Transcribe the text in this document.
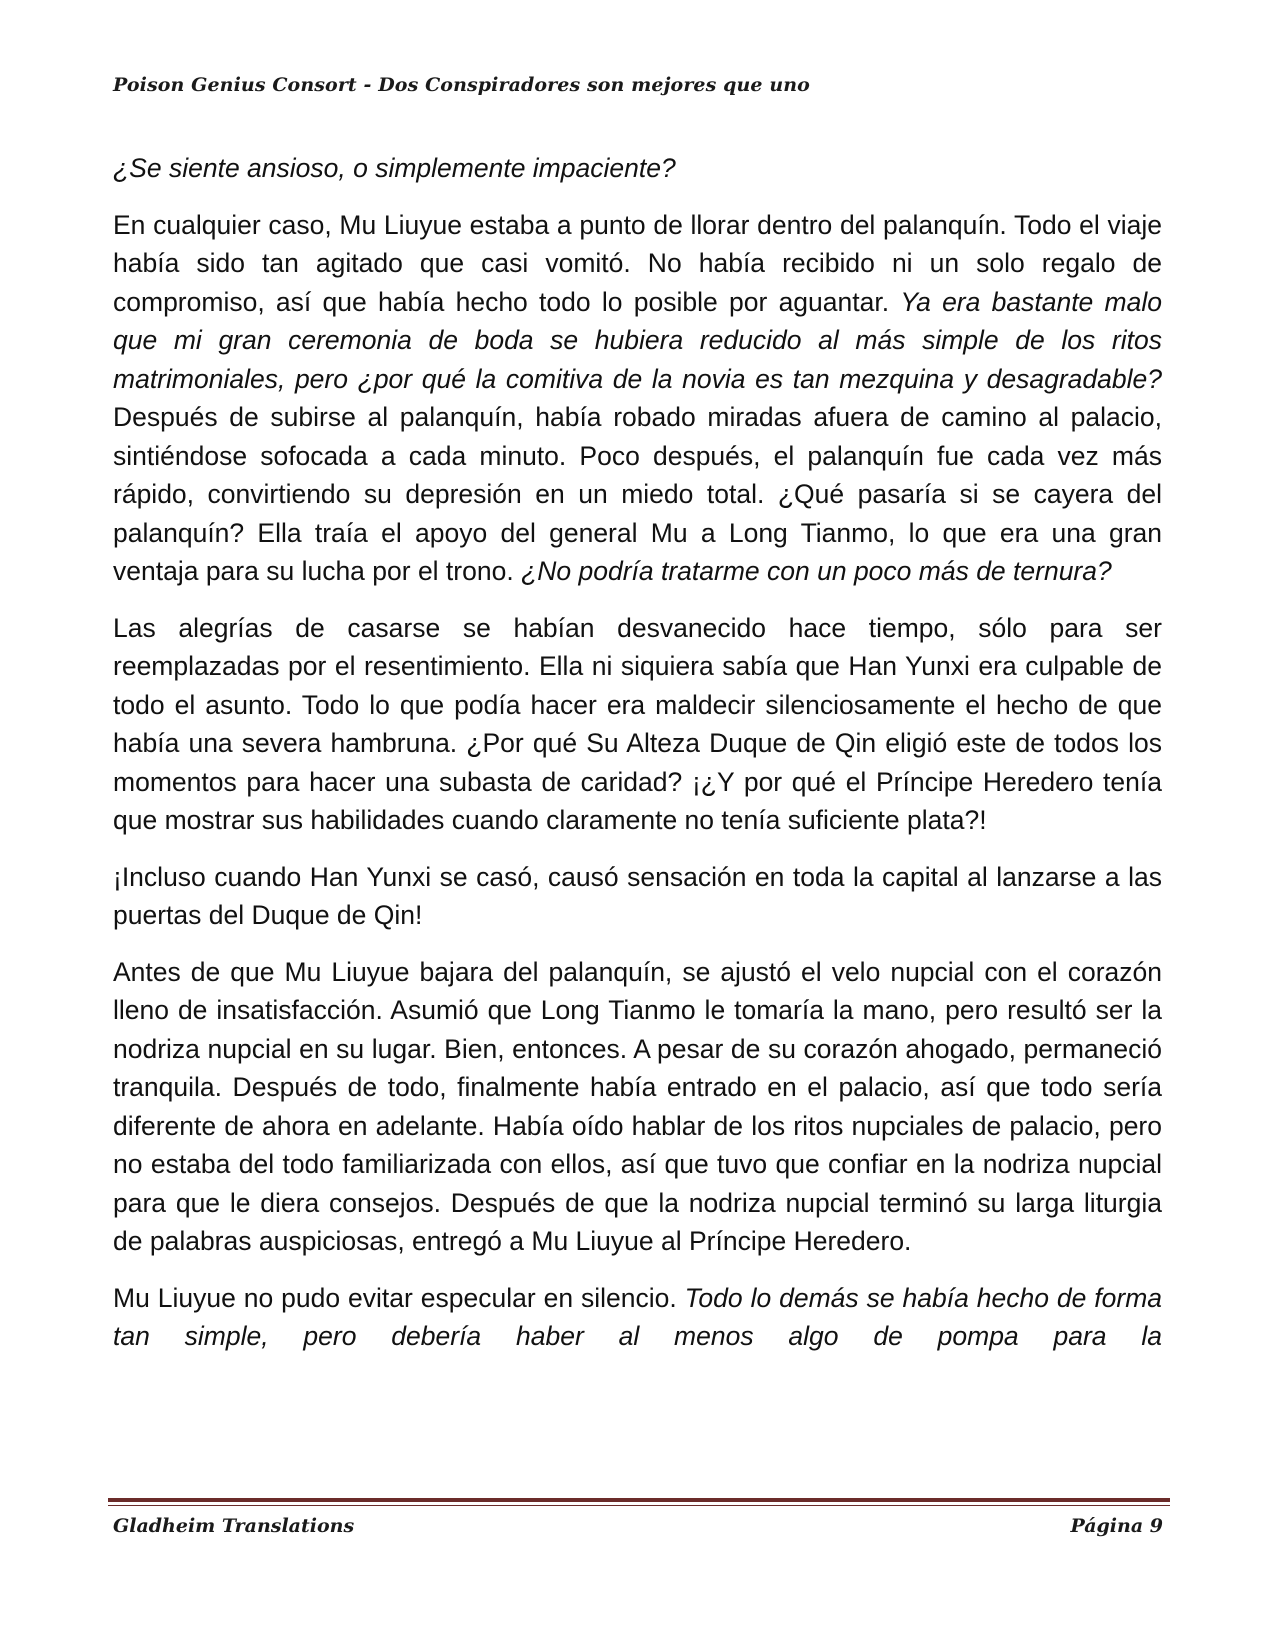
Poison Genius Consort - Dos Conspiradores son mejores que uno

¿Se siente ansioso, o simplemente impaciente?

En cualquier caso, Mu Liuyue estaba a punto de llorar dentro del palanquín. Todo el viaje había sido tan agitado que casi vomitó. No había recibido ni un solo regalo de compromiso, así que había hecho todo lo posible por aguantar. Ya era bastante malo que mi gran ceremonia de boda se hubiera reducido al más simple de los ritos matrimoniales, pero ¿por qué la comitiva de la novia es tan mezquina y desagradable? Después de subirse al palanquín, había robado miradas afuera de camino al palacio, sintiéndose sofocada a cada minuto. Poco después, el palanquín fue cada vez más rápido, convirtiendo su depresión en un miedo total. ¿Qué pasaría si se cayera del palanquín? Ella traía el apoyo del general Mu a Long Tianmo, lo que era una gran ventaja para su lucha por el trono. ¿No podría tratarme con un poco más de ternura?

Las alegrías de casarse se habían desvanecido hace tiempo, sólo para ser reemplazadas por el resentimiento. Ella ni siquiera sabía que Han Yunxi era culpable de todo el asunto. Todo lo que podía hacer era maldecir silenciosamente el hecho de que había una severa hambruna. ¿Por qué Su Alteza Duque de Qin eligió este de todos los momentos para hacer una subasta de caridad? ¡¿Y por qué el Príncipe Heredero tenía que mostrar sus habilidades cuando claramente no tenía suficiente plata?!

¡Incluso cuando Han Yunxi se casó, causó sensación en toda la capital al lanzarse a las puertas del Duque de Qin!

Antes de que Mu Liuyue bajara del palanquín, se ajustó el velo nupcial con el corazón lleno de insatisfacción. Asumió que Long Tianmo le tomaría la mano, pero resultó ser la nodriza nupcial en su lugar. Bien, entonces. A pesar de su corazón ahogado, permaneció tranquila. Después de todo, finalmente había entrado en el palacio, así que todo sería diferente de ahora en adelante. Había oído hablar de los ritos nupciales de palacio, pero no estaba del todo familiarizada con ellos, así que tuvo que confiar en la nodriza nupcial para que le diera consejos. Después de que la nodriza nupcial terminó su larga liturgia de palabras auspiciosas, entregó a Mu Liuyue al Príncipe Heredero.

Mu Liuyue no pudo evitar especular en silencio. Todo lo demás se había hecho de forma tan simple, pero debería haber al menos algo de pompa para la

Gladheim Translations	Página 9
